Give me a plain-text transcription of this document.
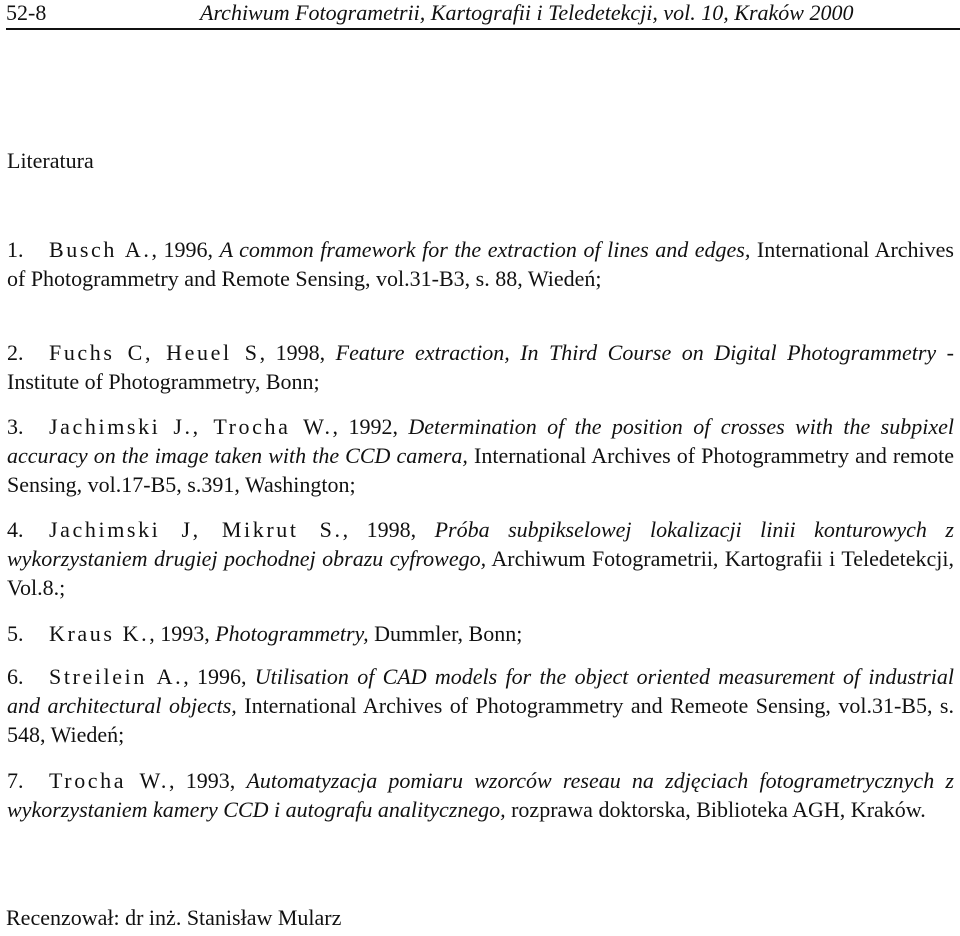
52-8	Archiwum Fotogrametrii, Kartografii i Teledetekcji, vol. 10, Kraków 2000
Literatura
1. Busch A., 1996, A common framework for the extraction of lines and edges, International Archives of Photogrammetry and Remote Sensing, vol.31-B3, s. 88, Wiedeń;
2. Fuchs C, Heuel S, 1998, Feature extraction, In Third Course on Digital Photogrammetry - Institute of Photogrammetry, Bonn;
3. Jachimski J., Trocha W., 1992, Determination of the position of crosses with the subpixel accuracy on the image taken with the CCD camera, International Archives of Photogrammetry and remote Sensing, vol.17-B5, s.391, Washington;
4. Jachimski J, Mikrut S., 1998, Próba subpikselowej lokalizacji linii konturowych z wykorzystaniem drugiej pochodnej obrazu cyfrowego, Archiwum Fotogrametrii, Kartografii i Teledetekcji, Vol.8.;
5. Kraus K., 1993, Photogrammetry, Dummler, Bonn;
6. Streilein A., 1996, Utilisation of CAD models for the object oriented measurement of industrial and architectural objects, International Archives of Photogrammetry and Remeote Sensing, vol.31-B5, s. 548, Wiedeń;
7. Trocha W., 1993, Automatyzacja pomiaru wzorców reseau na zdjęciach fotogrametrycznych z wykorzystaniem kamery CCD i autografu analitycznego, rozprawa doktorska, Biblioteka AGH, Kraków.
Recenzował: dr inż. Stanisław Mularz
